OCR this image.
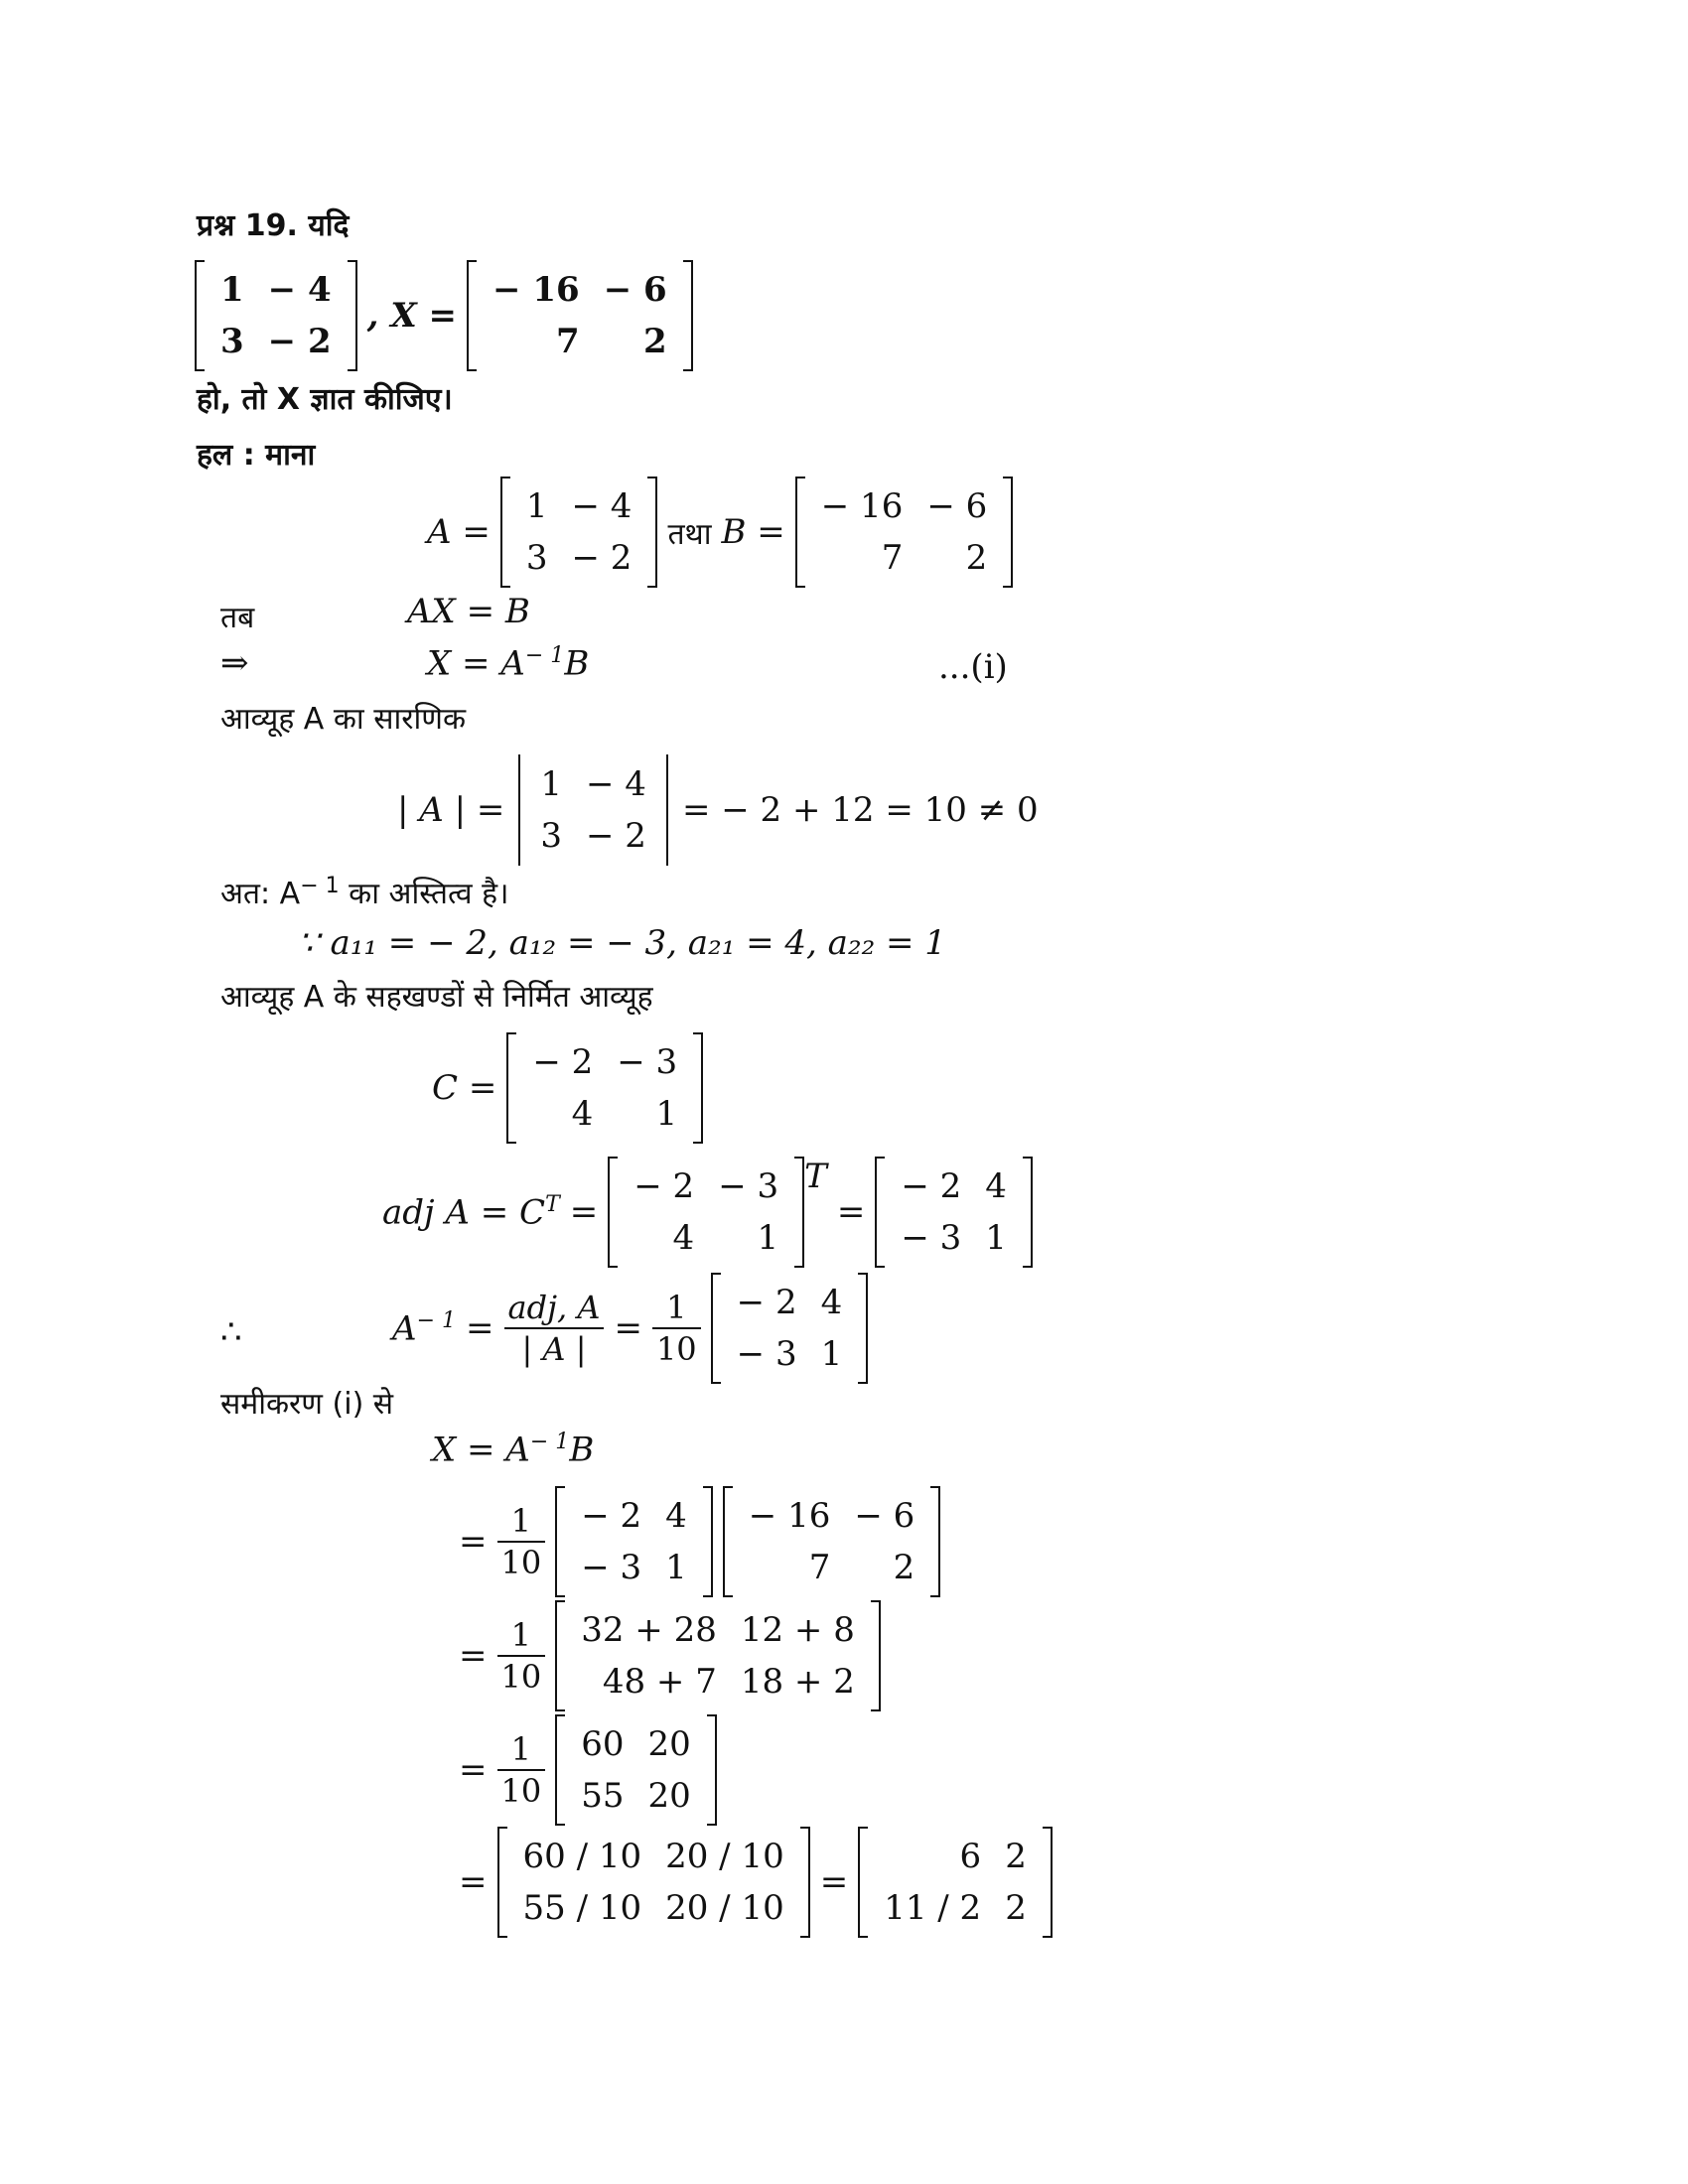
प्रश्न 19. यदि
1	− 4
3	− 2
, X =
− 16	− 6
7	2
हो, तो X ज्ञात कीजिए।
हल : माना
A =
1	− 4
3	− 2
तथा B =
− 16	− 6
7	2
तब	AX = B
⇒	$X = A^{- 1}B$	...(i)
आव्यूह A का सारणिक
| A | =
1	− 4
3	− 2
= − 2 + 12 = 10 ≠ 0
अत: $A^{- 1}$ का अस्तित्व है।
∵ a₁₁ = − 2, a₁₂ = − 3, a₂₁ = 4, a₂₂ = 1
आव्यूह A के सहखण्डों से निर्मित आव्यूह
C =
− 2	− 3
4	1
adj $A = C^T$ =
− 2	− 3
4	1
T
=
− 2	4
− 3	1
∴	$A^{- 1} = \frac{\text{adj, A}}{| A |} = \frac{1}{10} - 2$	4
− 3	1
समीकरण (i) से
$X = A^{- 1}B$
= $\frac{1}{10} - 2$	4
− 3	1
− 16	− 6
7	2
= $\frac{1}{10} 32 + 28$	12 + 8
48 + 7	18 + 2
= $\frac{1}{10} 60$	20
55	20
=
60 / 10	20 / 10
55 / 10	20 / 10
=
6	2
11 / 2	2
